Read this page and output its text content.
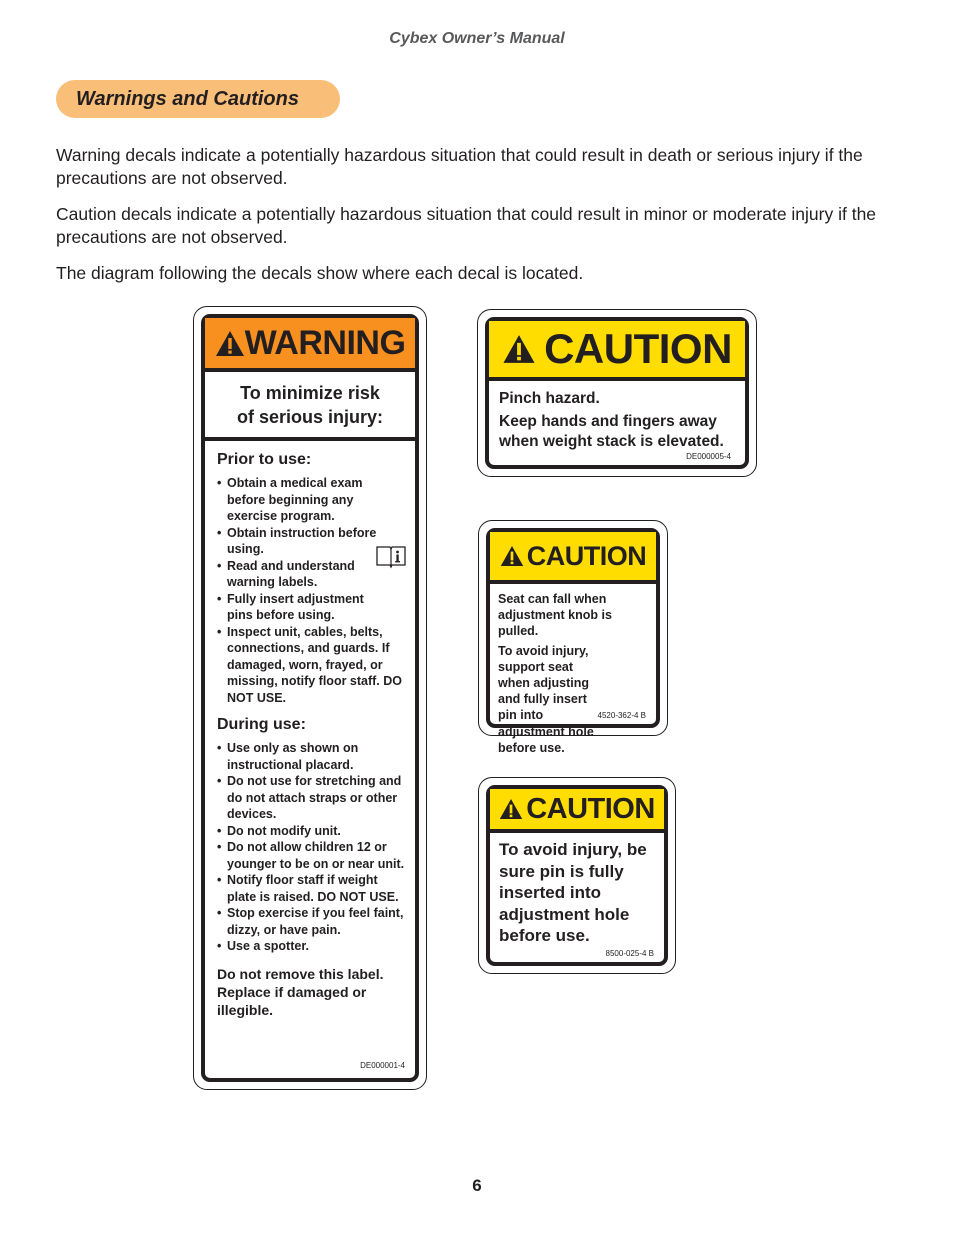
Cybex Owner’s Manual
Warnings and Cautions

Warning decals indicate a potentially hazardous situation that could result in death or serious injury if the precautions are not observed.

Caution decals indicate a potentially hazardous situation that could result in minor or moderate injury if the precautions are not observed.

The diagram following the decals show where each decal is located.

WARNING
To minimize risk
of serious injury:
Prior to use:
• Obtain a medical exam before beginning any exercise program.
• Obtain instruction before using.
• Read and understand warning labels.
• Fully insert adjustment pins before using.
• Inspect unit, cables, belts, connections, and guards. If damaged, worn, frayed, or missing, notify floor staff. DO NOT USE.
During use:
• Use only as shown on instructional placard.
• Do not use for stretching and do not attach straps or other devices.
• Do not modify unit.
• Do not allow children 12 or younger to be on or near unit.
• Notify floor staff if weight plate is raised. DO NOT USE.
• Stop exercise if you feel faint, dizzy, or have pain.
• Use a spotter.
Do not remove this label. Replace if damaged or illegible.
DE000001-4
CAUTION
Pinch hazard.
Keep hands and fingers away when weight stack is elevated.
DE000005-4
CAUTION
Seat can fall when adjustment knob is pulled.
To avoid injury, support seat when adjusting and fully insert pin into adjustment hole before use.
4520-362-4 B
CAUTION
To avoid injury, be sure pin is fully inserted into adjustment hole before use.
8500-025-4 B
6
